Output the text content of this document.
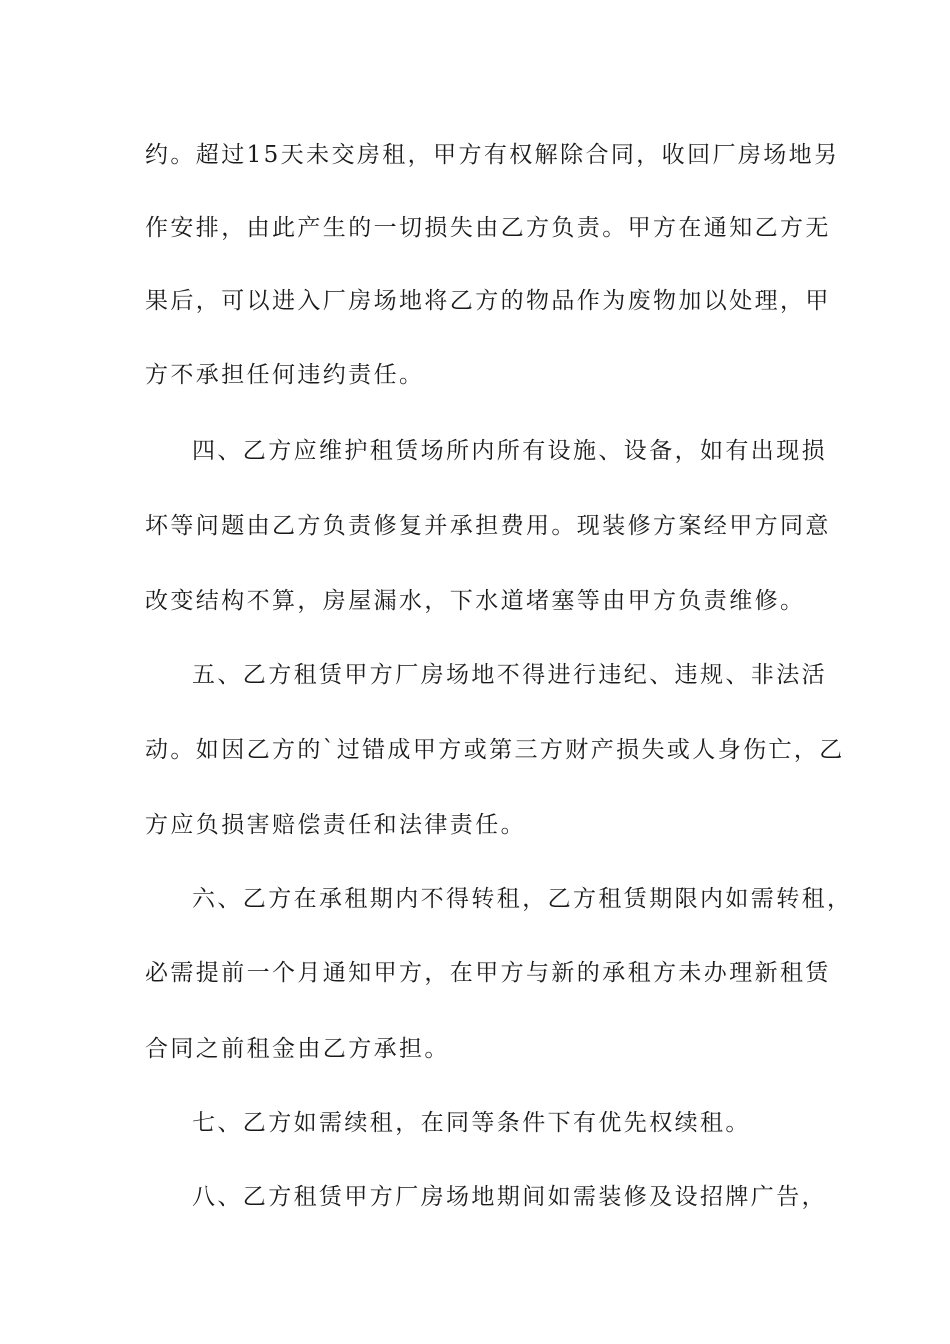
约。超过15天未交房租，甲方有权解除合同，收回厂房场地另
作安排，由此产生的一切损失由乙方负责。甲方在通知乙方无
果后，可以进入厂房场地将乙方的物品作为废物加以处理，甲
方不承担任何违约责任。
四、乙方应维护租赁场所内所有设施、设备，如有出现损
坏等问题由乙方负责修复并承担费用。现装修方案经甲方同意
改变结构不算，房屋漏水，下水道堵塞等由甲方负责维修。
五、乙方租赁甲方厂房场地不得进行违纪、违规、非法活
动。如因乙方的`过错成甲方或第三方财产损失或人身伤亡，乙
方应负损害赔偿责任和法律责任。
六、乙方在承租期内不得转租，乙方租赁期限内如需转租，
必需提前一个月通知甲方，在甲方与新的承租方未办理新租赁
合同之前租金由乙方承担。
七、乙方如需续租，在同等条件下有优先权续租。
八、乙方租赁甲方厂房场地期间如需装修及设招牌广告，
